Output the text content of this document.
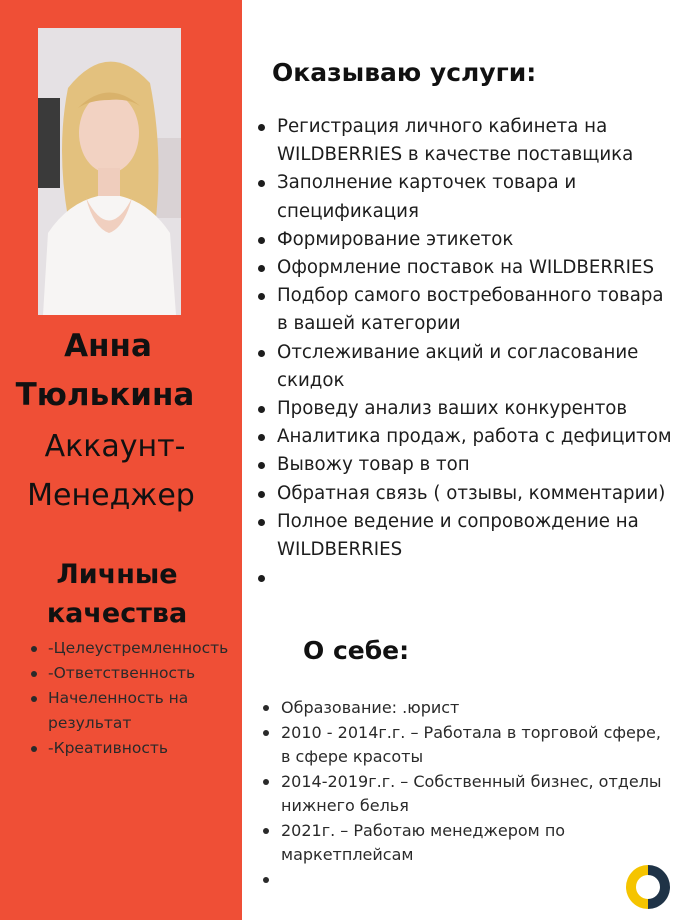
Анна
Тюлькина
Аккаунт-
Менеджер
Личные
качества
-Целеустремленность
-Ответственность
Начеленность на результат
-Креативность
Оказываю услуги:
Регистрация личного кабинета на WILDBERRIES в качестве поставщика
Заполнение карточек товара и спецификация
Формирование этикеток
Оформление поставок на WILDBERRIES
Подбор самого востребованного товара в вашей категории
Отслеживание акций и согласование скидок
Проведу анализ ваших конкурентов
Аналитика продаж, работа с дефицитом
Вывожу товар в топ
Обратная связь ( отзывы, комментарии)
Полное ведение и сопровождение на WILDBERRIES
О себе:
Образование: .юрист
2010 - 2014г.г. – Работала в торговой сфере, в сфере красоты
2014-2019г.г. – Собственный бизнес, отделы нижнего белья
2021г. – Работаю менеджером по маркетплейсам
